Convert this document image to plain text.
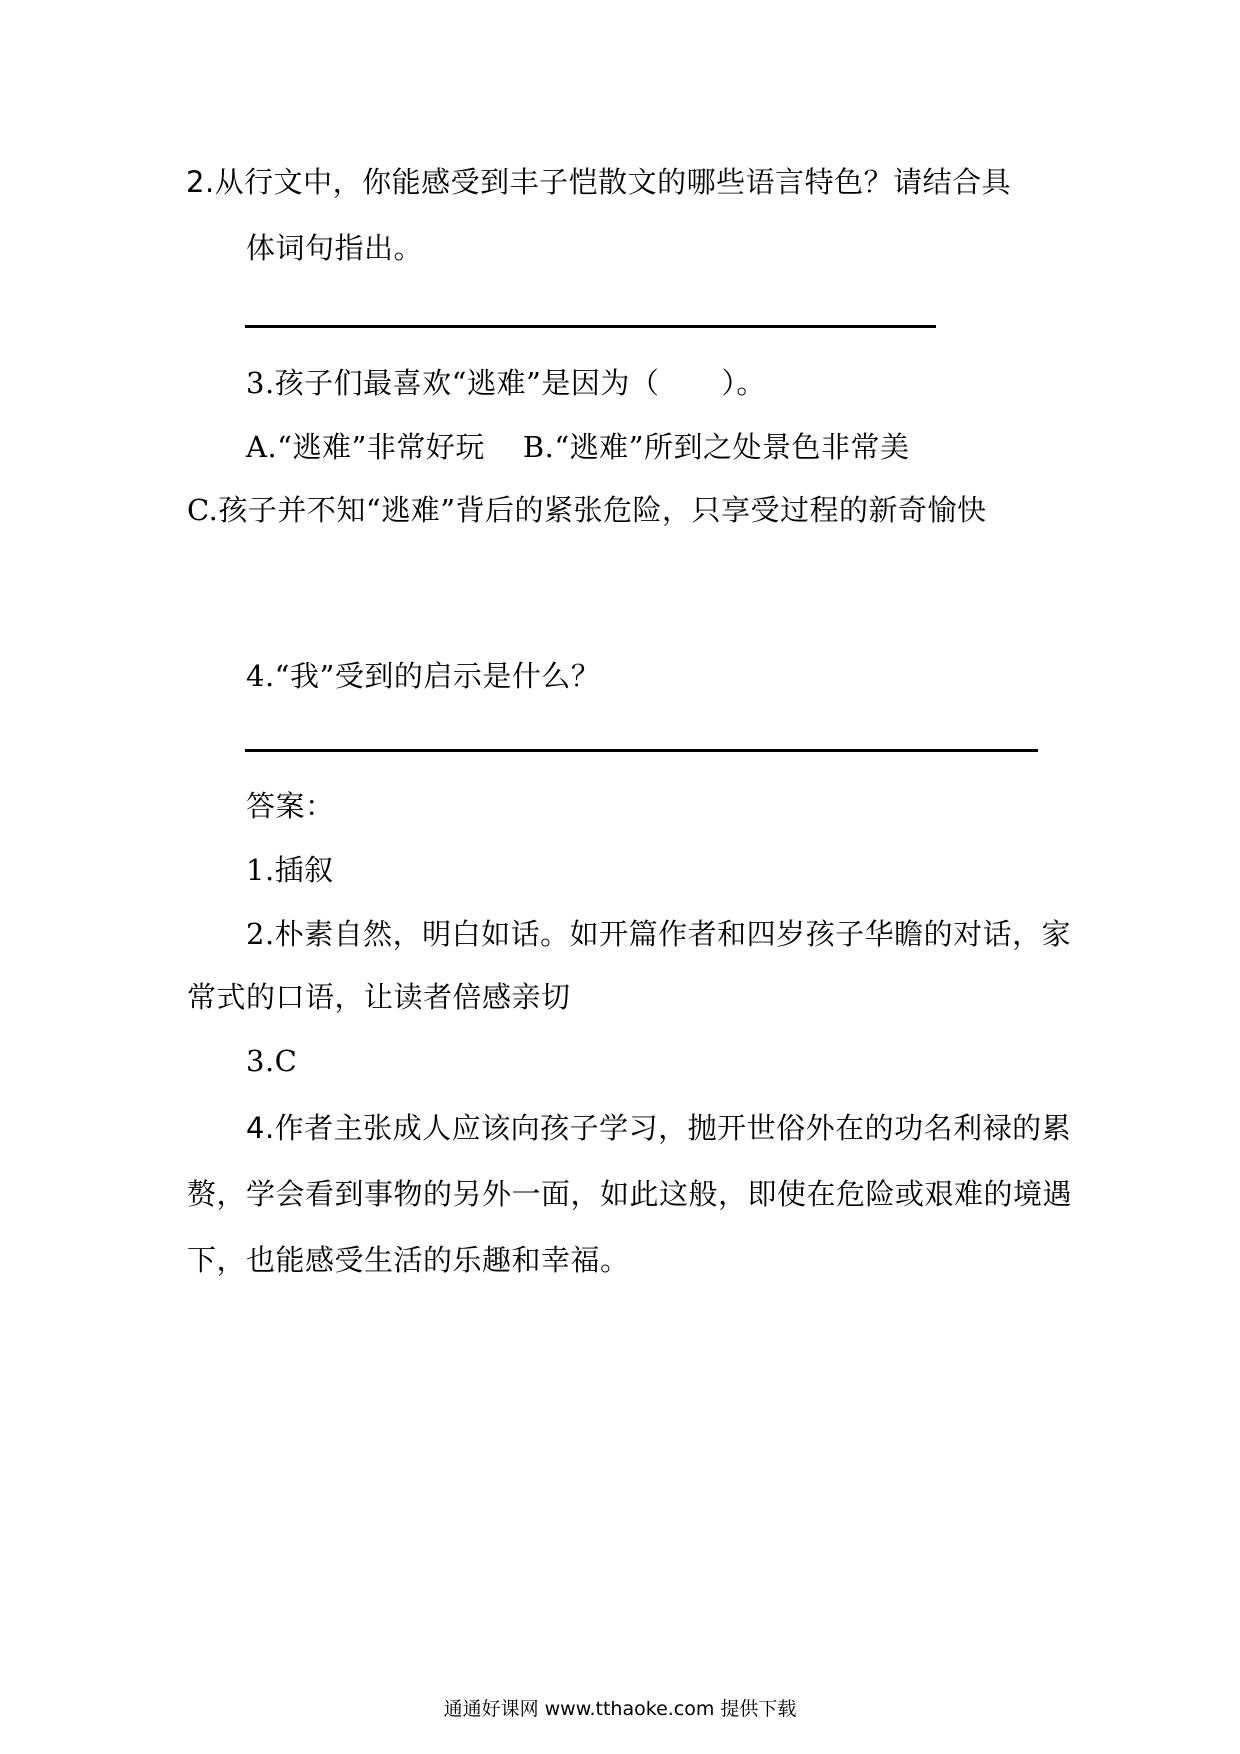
2.从行文中，你能感受到丰子恺散文的哪些语言特色？请结合具
体词句指出。
3.孩子们最喜欢“逃难”是因为（ ）。
A.“逃难”非常好玩 B.“逃难”所到之处景色非常美
C.孩子并不知“逃难”背后的紧张危险，只享受过程的新奇愉快
4.“我”受到的启示是什么？
答案：
1.插叙
2.朴素自然，明白如话。如开篇作者和四岁孩子华瞻的对话，家
常式的口语，让读者倍感亲切
3.C
4.作者主张成人应该向孩子学习，抛开世俗外在的功名利禄的累
赘，学会看到事物的另外一面，如此这般，即使在危险或艰难的境遇
下，也能感受生活的乐趣和幸福。
通通好课网 www.tthaoke.com 提供下载
